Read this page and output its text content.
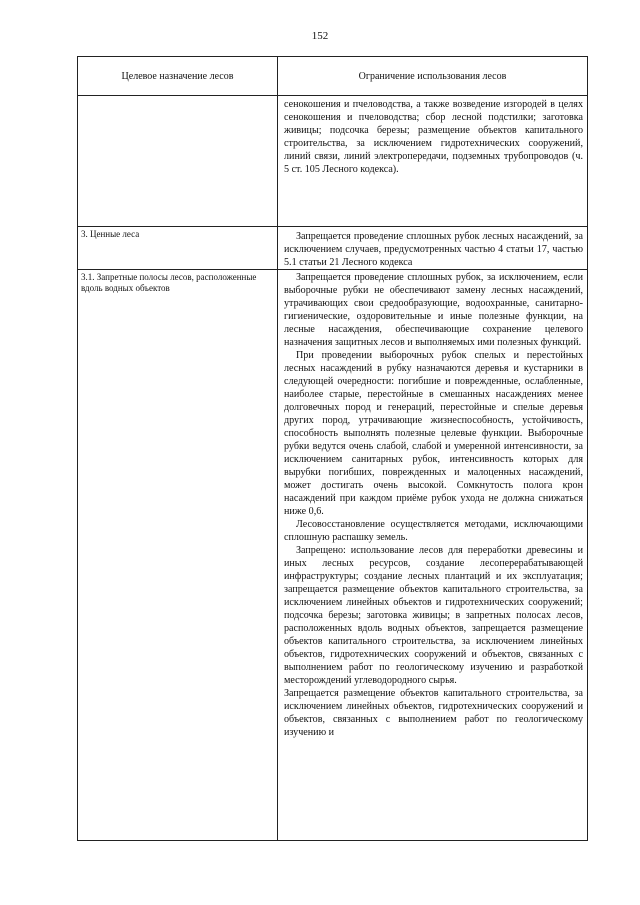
152
Целевое назначение лесов	Ограничение использования лесов

	сенокошения и пчеловодства, а также возведение изгородей в целях сенокошения и пчеловодства; сбор лесной подстилки; заготовка живицы; подсочка березы; размещение объектов капитального строительства, за исключением гидротехнических сооружений, линий связи, линий электропередачи, подземных трубопроводов (ч. 5 ст. 105 Лесного кодекса).

3. Ценные леса	Запрещается проведение сплошных рубок лесных насаждений, за исключением случаев, предусмотренных частью 4 статьи 17, частью 5.1 статьи 21 Лесного кодекса

3.1. Запретные полосы лесов, расположенные вдоль водных объектов	Запрещается проведение сплошных рубок, за исключением, если выборочные рубки не обеспечивают замену лесных насаждений, утрачивающих свои средообразующие, водоохранные, санитарно-гигиенические, оздоровительные и иные полезные функции, на лесные насаждения, обеспечивающие сохранение целевого назначения защитных лесов и выполняемых ими полезных функций.

При проведении выборочных рубок спелых и перестойных лесных насаждений в рубку назначаются деревья и кустарники в следующей очередности: погибшие и поврежденные, ослабленные, наиболее старые, перестойные в смешанных насаждениях менее долговечных пород и генераций, перестойные и спелые деревья других пород, утрачивающие жизнеспособность, устойчивость, способность выполнять полезные целевые функции. Выборочные рубки ведутся очень слабой, слабой и умеренной интенсивности, за исключением санитарных рубок, интенсивность которых для вырубки погибших, поврежденных и малоценных насаждений, может достигать очень высокой. Сомкнутость полога крон насаждений при каждом приёме рубок ухода не должна снижаться ниже 0,6.

Лесовосстановление осуществляется методами, исключающими сплошную распашку земель.

Запрещено: использование лесов для переработки древесины и иных лесных ресурсов, создание лесоперерабатывающей инфраструктуры; создание лесных плантаций и их эксплуатация; запрещается размещение объектов капитального строительства, за исключением линейных объектов и гидротехнических сооружений; подсочка березы; заготовка живицы; в запретных полосах лесов, расположенных вдоль водных объектов, запрещается размещение объектов капитального строительства, за исключением линейных объектов, гидротехнических сооружений и объектов, связанных с выполнением работ по геологическому изучению и разработкой месторождений углеводородного сырья.

Запрещается размещение объектов капитального строительства, за исключением линейных объектов, гидротехнических сооружений и объектов, связанных с выполнением работ по геологическому изучению и
